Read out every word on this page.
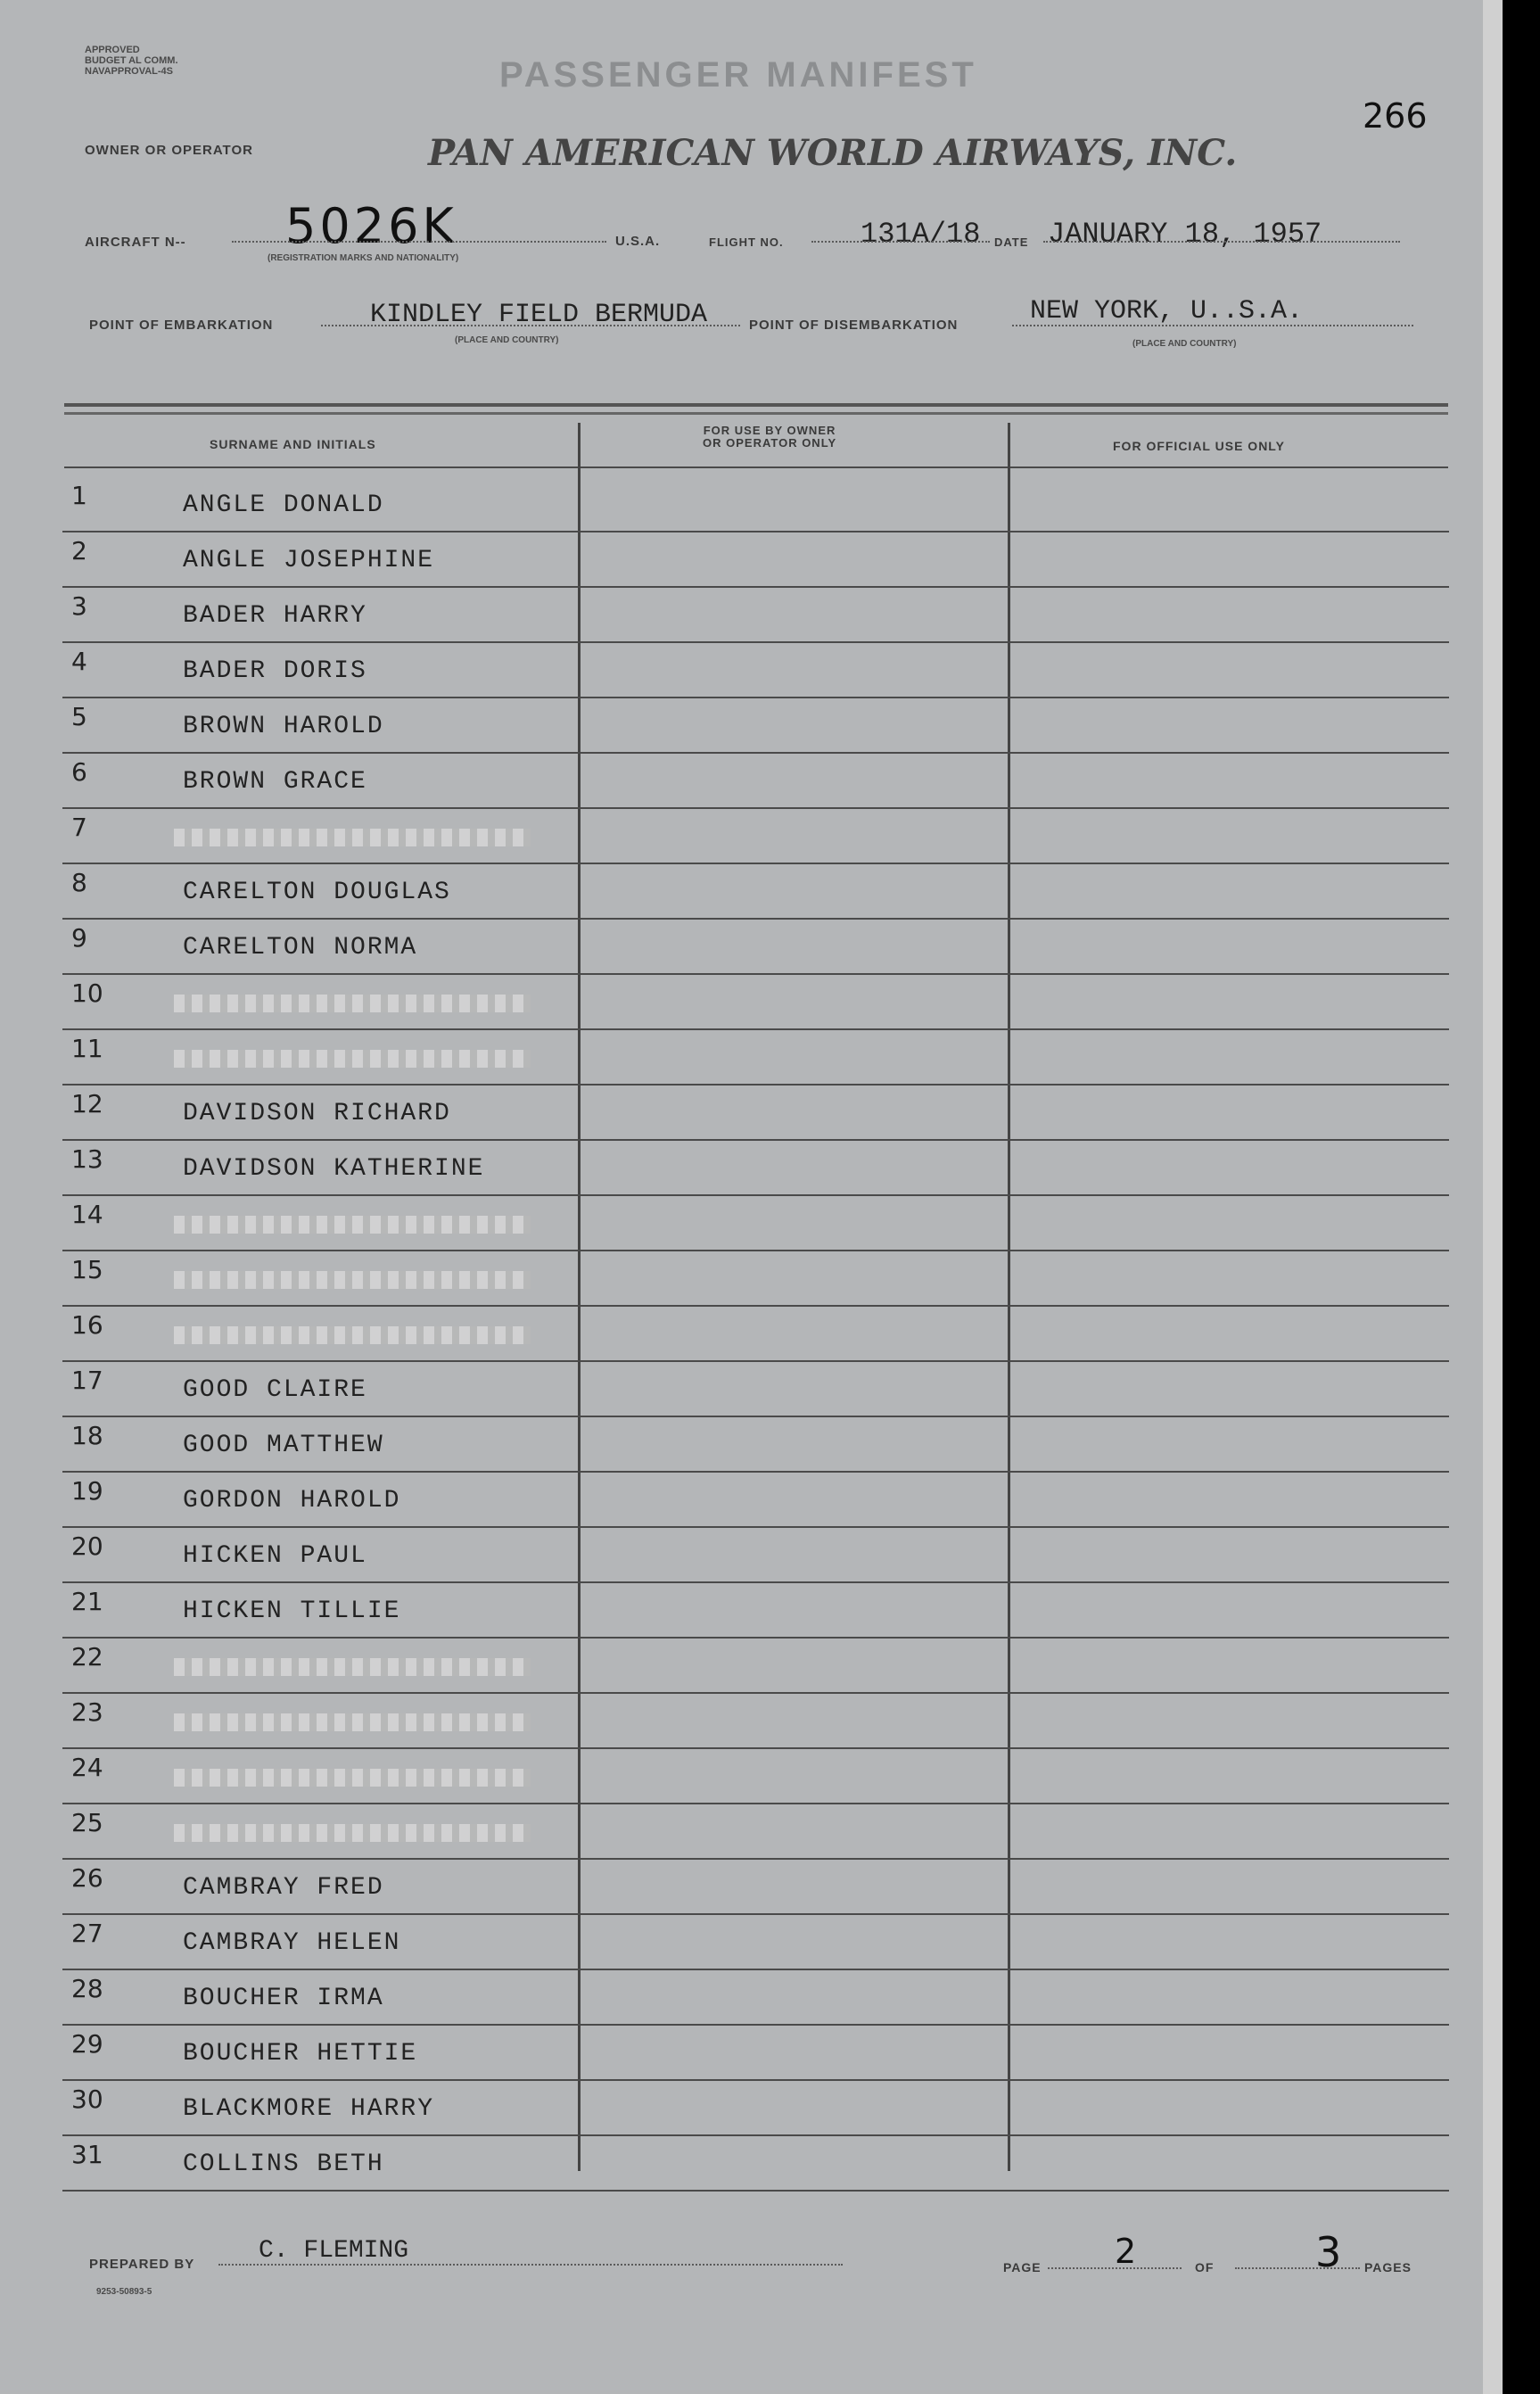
APPROVED
BUDGET AL COMM.
NAVAPPROVAL-4S	PASSENGER MANIFEST
266
OWNER OR OPERATOR	PAN AMERICAN WORLD AIRWAYS, INC.
AIRCRAFT N-- 5026K
(REGISTRATION MARKS AND NATIONALITY)
U.S.A.	FLIGHT NO.	131A/18 DATE JANUARY 18, 1957
POINT OF EMBARKATION	KINDLEY FIELD BERMUDA
(PLACE AND COUNTRY)
POINT OF DISEMBARKATION	NEW YORK, U..S.A.
(PLACE AND COUNTRY)
SURNAME AND INITIALS
FOR USE BY OWNER
OR OPERATOR ONLY	FOR OFFICIAL USE ONLY
1	ANGLE DONALD
2	ANGLE JOSEPHINE
3	BADER HARRY
4	BADER DORIS
5	BROWN HAROLD
6	BROWN GRACE
7
8	CARELTON DOUGLAS
9	CARELTON NORMA
10
11
12	DAVIDSON RICHARD
13	DAVIDSON KATHERINE
14
15
16
17	GOOD CLAIRE
18	GOOD MATTHEW
19	GORDON HAROLD
20	HICKEN PAUL
21	HICKEN TILLIE
22
23
24
25
26	CAMBRAY FRED
27	CAMBRAY HELEN
28	BOUCHER IRMA
29	BOUCHER HETTIE
30	BLACKMORE HARRY
31	COLLINS BETH
PREPARED BY	C. FLEMING
9253-50893-5
PAGE 2	OF 3 PAGES
